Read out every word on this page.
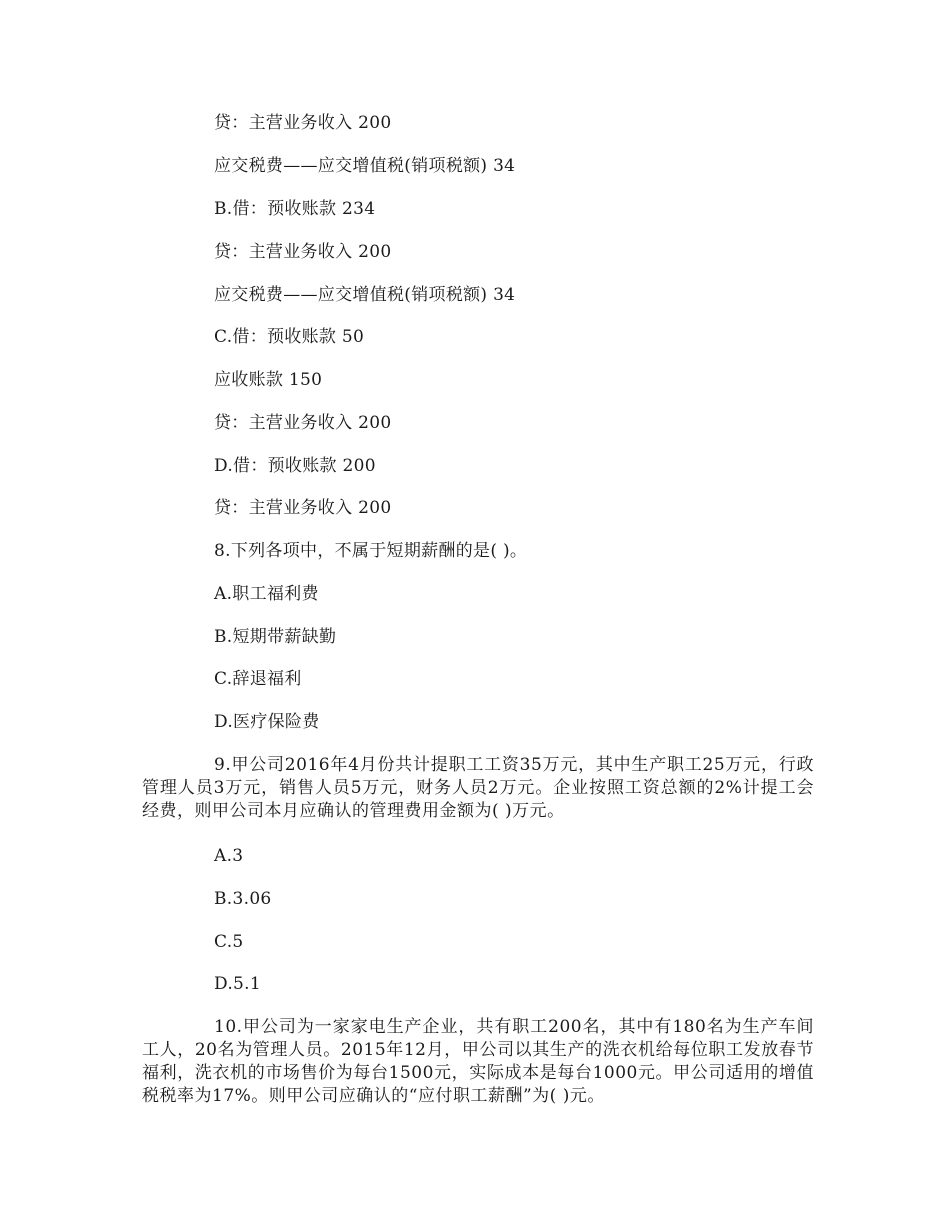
贷：主营业务收入 200
应交税费——应交增值税(销项税额) 34
B.借：预收账款 234
贷：主营业务收入 200
应交税费——应交增值税(销项税额) 34
C.借：预收账款 50
应收账款 150
贷：主营业务收入 200
D.借：预收账款 200
贷：主营业务收入 200
8.下列各项中，不属于短期薪酬的是( )。
A.职工福利费
B.短期带薪缺勤
C.辞退福利
D.医疗保险费
9.甲公司2016年4月份共计提职工工资35万元，其中生产职工25万元，行政管理人员3万元，销售人员5万元，财务人员2万元。企业按照工资总额的2%计提工会经费，则甲公司本月应确认的管理费用金额为( )万元。
A.3
B.3.06
C.5
D.5.1
10.甲公司为一家家电生产企业，共有职工200名，其中有180名为生产车间工人，20名为管理人员。2015年12月，甲公司以其生产的洗衣机给每位职工发放春节福利，洗衣机的市场售价为每台1500元，实际成本是每台1000元。甲公司适用的增值税税率为17%。则甲公司应确认的“应付职工薪酬”为( )元。
